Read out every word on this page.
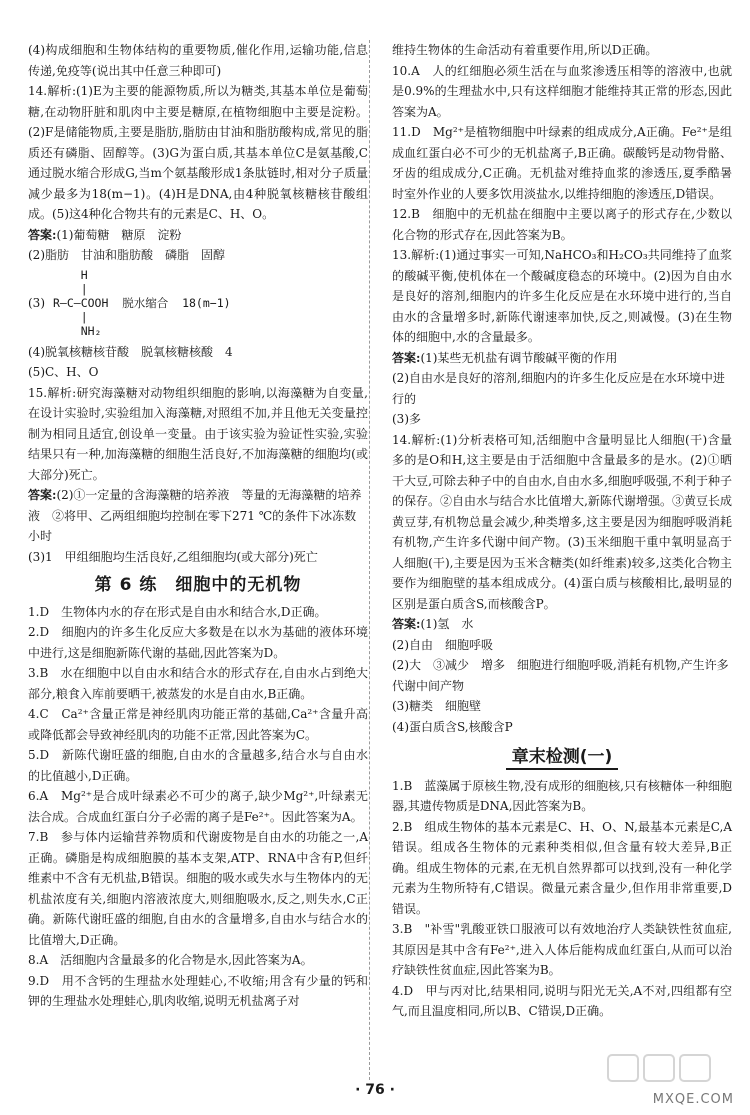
(4)构成细胞和生物体结构的重要物质,催化作用,运输功能,信息传递,免疫等(说出其中任意三种即可)

14.解析:(1)E为主要的能源物质,所以为糖类,其基本单位是葡萄糖,在动物肝脏和肌肉中主要是糖原,在植物细胞中主要是淀粉。(2)F是储能物质,主要是脂肪,脂肪由甘油和脂肪酸构成,常见的脂质还有磷脂、固醇等。(3)G为蛋白质,其基本单位C是氨基酸,C通过脱水缩合形成G,当m个氨基酸形成1条肽链时,相对分子质量减少最多为18(m−1)。(4)H是DNA,由4种脱氧核糖核苷酸组成。(5)这4种化合物共有的元素是C、H、O。

答案:(1)葡萄糖　糖原　淀粉

(2)脂肪　甘油和脂肪酸　磷脂　固醇

(3)
H
|
R—C—COOH  脱水缩合  18(m−1)
|
NH₂

(4)脱氧核糖核苷酸　脱氧核糖核酸　4

(5)C、H、O

15.解析:研究海藻糖对动物组织细胞的影响,以海藻糖为自变量,在设计实验时,实验组加入海藻糖,对照组不加,并且他无关变量控制为相同且适宜,创设单一变量。由于该实验为验证性实验,实验结果只有一种,加海藻糖的细胞生活良好,不加海藻糖的细胞均(或大部分)死亡。

答案:(2)①一定量的含海藻糖的培养液　等量的无海藻糖的培养液　②将甲、乙两组细胞均控制在零下271 ℃的条件下冰冻数小时

(3)1　甲组细胞均生活良好,乙组细胞均(或大部分)死亡

第 6 练　细胞中的无机物

1.D　生物体内水的存在形式是自由水和结合水,D正确。

2.D　细胞内的许多生化反应大多数是在以水为基础的液体环境中进行,这是细胞新陈代谢的基础,因此答案为D。

3.B　水在细胞中以自由水和结合水的形式存在,自由水占到绝大部分,粮食入库前要晒干,被蒸发的水是自由水,B正确。

4.C　Ca²⁺含量正常是神经肌肉功能正常的基础,Ca²⁺含量升高或降低都会导致神经肌肉的功能不正常,因此答案为C。

5.D　新陈代谢旺盛的细胞,自由水的含量越多,结合水与自由水的比值越小,D正确。

6.A　Mg²⁺是合成叶绿素必不可少的离子,缺少Mg²⁺,叶绿素无法合成。合成血红蛋白分子必需的离子是Fe²⁺。因此答案为A。

7.B　参与体内运输营养物质和代谢废物是自由水的功能之一,A正确。磷脂是构成细胞膜的基本支架,ATP、RNA中含有P,但纤维素中不含有无机盐,B错误。细胞的吸水或失水与生物体内的无机盐浓度有关,细胞内溶液浓度大,则细胞吸水,反之,则失水,C正确。新陈代谢旺盛的细胞,自由水的含量增多,自由水与结合水的比值增大,D正确。

8.A　活细胞内含量最多的化合物是水,因此答案为A。

9.D　用不含钙的生理盐水处理蛙心,不收缩;用含有少量的钙和钾的生理盐水处理蛙心,肌肉收缩,说明无机盐离子对

维持生物体的生命活动有着重要作用,所以D正确。

10.A　人的红细胞必须生活在与血浆渗透压相等的溶液中,也就是0.9%的生理盐水中,只有这样细胞才能维持其正常的形态,因此答案为A。

11.D　Mg²⁺是植物细胞中叶绿素的组成成分,A正确。Fe²⁺是组成血红蛋白必不可少的无机盐离子,B正确。碳酸钙是动物骨骼、牙齿的组成成分,C正确。无机盐对维持血浆的渗透压,夏季酷暑时室外作业的人要多饮用淡盐水,以维持细胞的渗透压,D错误。

12.B　细胞中的无机盐在细胞中主要以离子的形式存在,少数以化合物的形式存在,因此答案为B。

13.解析:(1)通过事实一可知,NaHCO₃和H₂CO₃共同维持了血浆的酸碱平衡,使机体在一个酸碱度稳态的环境中。(2)因为自由水是良好的溶剂,细胞内的许多生化反应是在水环境中进行的,当自由水的含量增多时,新陈代谢速率加快,反之,则减慢。(3)在生物体的细胞中,水的含量最多。

答案:(1)某些无机盐有调节酸碱平衡的作用

(2)自由水是良好的溶剂,细胞内的许多生化反应是在水环境中进行的

(3)多

14.解析:(1)分析表格可知,活细胞中含量明显比人细胞(干)含量多的是O和H,这主要是由于活细胞中含量最多的是水。(2)①晒干大豆,可除去种子中的自由水,自由水多,细胞呼吸强,不利于种子的保存。②自由水与结合水比值增大,新陈代谢增强。③黄豆长成黄豆芽,有机物总量会减少,种类增多,这主要是因为细胞呼吸消耗有机物,产生许多代谢中间产物。(3)玉米细胞干重中氧明显高于人细胞(干),主要是因为玉米含糖类(如纤维素)较多,这类化合物主要作为细胞壁的基本组成成分。(4)蛋白质与核酸相比,最明显的区别是蛋白质含S,而核酸含P。

答案:(1)氢　水

(2)自由　细胞呼吸

(2)大　③减少　增多　细胞进行细胞呼吸,消耗有机物,产生许多代谢中间产物

(3)糖类　细胞壁

(4)蛋白质含S,核酸含P

章末检测(一)

1.B　蓝藻属于原核生物,没有成形的细胞核,只有核糖体一种细胞器,其遗传物质是DNA,因此答案为B。

2.B　组成生物体的基本元素是C、H、O、N,最基本元素是C,A错误。组成各生物体的元素种类相似,但含量有较大差异,B正确。组成生物体的元素,在无机自然界都可以找到,没有一种化学元素为生物所特有,C错误。微量元素含量少,但作用非常重要,D错误。

3.B　"补雪"乳酸亚铁口服液可以有效地治疗人类缺铁性贫血症,其原因是其中含有Fe²⁺,进入人体后能构成血红蛋白,从而可以治疗缺铁性贫血症,因此答案为B。

4.D　甲与丙对比,结果相同,说明与阳光无关,A不对,四组都有空气,而且温度相同,所以B、C错误,D正确。

· 76 ·
MXQE.COM
